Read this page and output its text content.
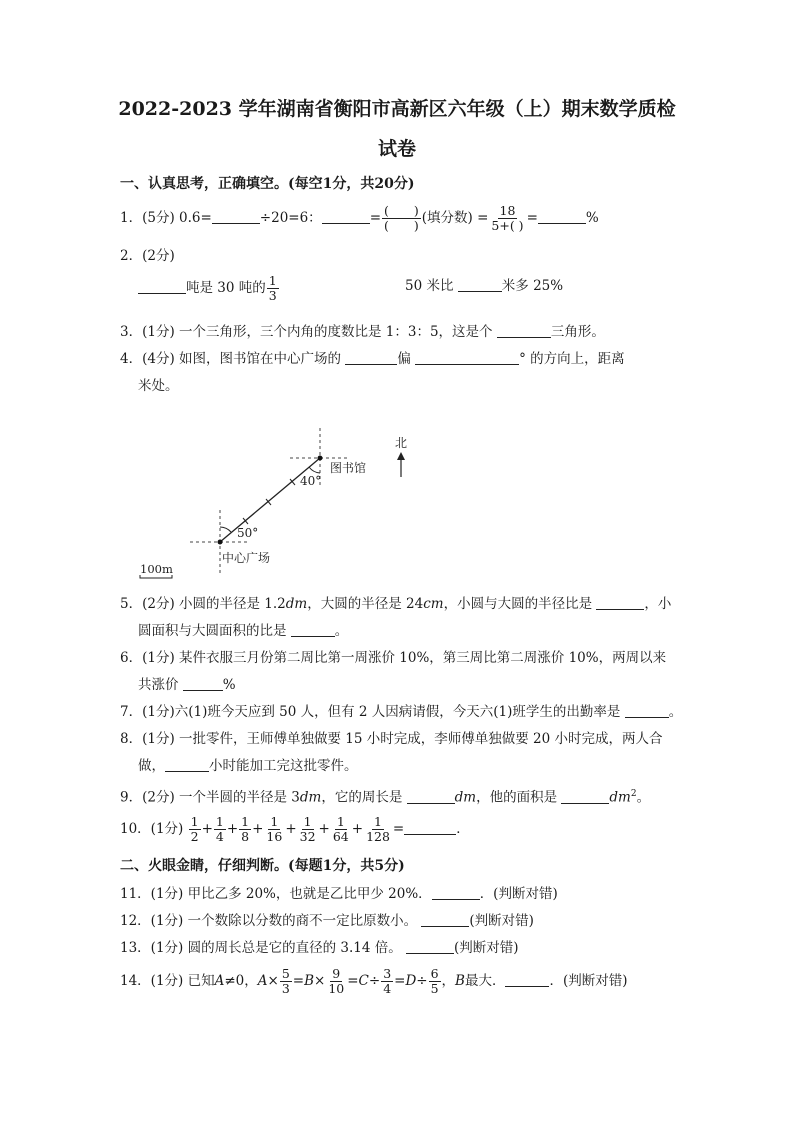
2022-2023 学年湖南省衡阳市高新区六年级（上）期末数学质检
试卷
一、认真思考，正确填空。(每空1分，共20分)
1．(5分) 0.6=	÷20=6：	= $\frac{( )}{( )}$ (填分数) = $\frac{18}{5+( )}$ =	%
2．(2分)
吨是 30 吨的 $\frac{1}{3}$	50 米比	米多 25%
3．(1分) 一个三角形，三个内角的度数比是 1：3：5，这是个	三角形。
4．(4分) 如图，图书馆在中心广场的	偏	° 的方向上，距离
米处。
40°
50°
图书馆
中心广场
北
100m
5．(2分) 小圆的半径是 1.2dm，大圆的半径是 24cm，小圆与大圆的半径比是	，小
圆面积与大圆面积的比是	。
6．(1分) 某件衣服三月份第二周比第一周涨价 10%，第三周比第二周涨价 10%，两周以来
共涨价	%
7．(1分)六(1)班今天应到 50 人，但有 2 人因病请假，今天六(1)班学生的出勤率是	。
8．(1分) 一批零件，王师傅单独做要 15 小时完成，李师傅单独做要 20 小时完成，两人合
做，	小时能加工完这批零件。
9．(2分) 一个半圆的半径是 3dm，它的周长是	dm，他的面积是	$dm^2$。
10．(1分) $\frac{1}{2} + \frac{1}{4} + \frac{1}{8} + \frac{1}{16} + \frac{1}{32} + \frac{1}{64} + \frac{1}{128}$ =	．
二、火眼金睛，仔细判断。(每题1分，共5分)
11．(1分) 甲比乙多 20%，也就是乙比甲少 20%．	．(判断对错)
12．(1分) 一个数除以分数的商不一定比原数小。	(判断对错)
13．(1分) 圆的周长总是它的直径的 3.14 倍。	(判断对错)
14．(1分) 已知A≠0，$A\times \frac{5}{3} =B\times \frac{9}{10} =C\div \frac{3}{4} =D\div \frac{6}{5}$ ，B最大．	．(判断对错)
